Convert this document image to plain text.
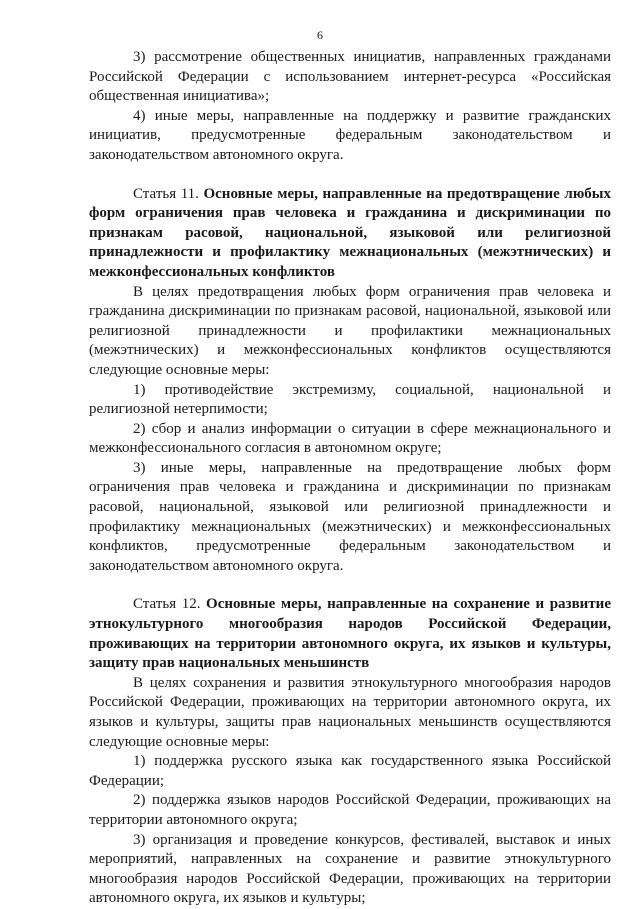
6

3) рассмотрение общественных инициатив, направленных гражданами Российской Федерации с использованием интернет-ресурса «Российская общественная инициатива»;

4) иные меры, направленные на поддержку и развитие гражданских инициатив, предусмотренные федеральным законодательством и законодательством автономного округа.

Статья 11. Основные меры, направленные на предотвращение любых форм ограничения прав человека и гражданина и дискриминации по признакам расовой, национальной, языковой или религиозной принадлежности и профилактику межнациональных (межэтнических) и межконфессиональных конфликтов

В целях предотвращения любых форм ограничения прав человека и гражданина дискриминации по признакам расовой, национальной, языковой или религиозной принадлежности и профилактики межнациональных (межэтнических) и межконфессиональных конфликтов осуществляются следующие основные меры:

1) противодействие экстремизму, социальной, национальной и религиозной нетерпимости;

2) сбор и анализ информации о ситуации в сфере межнационального и межконфессионального согласия в автономном округе;

3) иные меры, направленные на предотвращение любых форм ограничения прав человека и гражданина и дискриминации по признакам расовой, национальной, языковой или религиозной принадлежности и профилактику межнациональных (межэтнических) и межконфессиональных конфликтов, предусмотренные федеральным законодательством и законодательством автономного округа.

Статья 12. Основные меры, направленные на сохранение и развитие этнокультурного многообразия народов Российской Федерации, проживающих на территории автономного округа, их языков и культуры, защиту прав национальных меньшинств

В целях сохранения и развития этнокультурного многообразия народов Российской Федерации, проживающих на территории автономного округа, их языков и культуры, защиты прав национальных меньшинств осуществляются следующие основные меры:

1) поддержка русского языка как государственного языка Российской Федерации;

2) поддержка языков народов Российской Федерации, проживающих на территории автономного округа;

3) организация и проведение конкурсов, фестивалей, выставок и иных мероприятий, направленных на сохранение и развитие этнокультурного многообразия народов Российской Федерации, проживающих на территории автономного округа, их языков и культуры;
